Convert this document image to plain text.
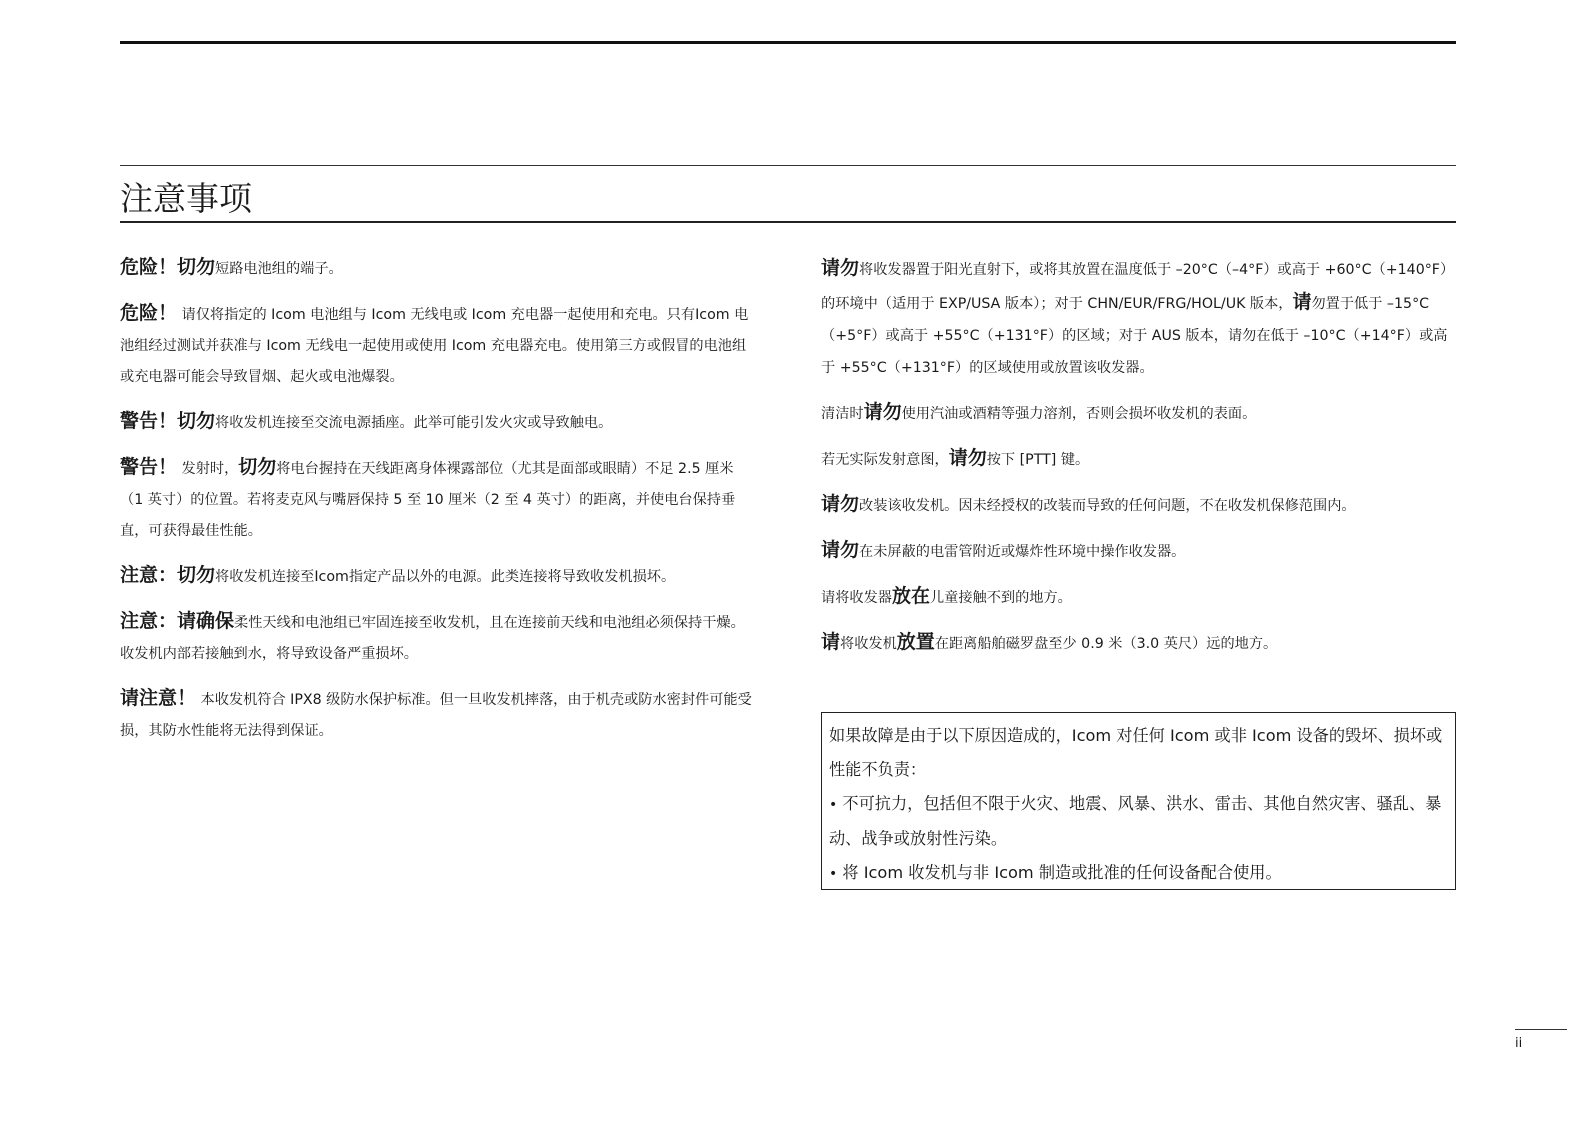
注意事项

危险！切勿短路电池组的端子。

危险！ 请仅将指定的 Icom 电池组与 Icom 无线电或 Icom 充电器一起使用和充电。只有Icom 电池组经过测试并获准与 Icom 无线电一起使用或使用 Icom 充电器充电。使用第三方或假冒的电池组或充电器可能会导致冒烟、起火或电池爆裂。

警告！切勿将收发机连接至交流电源插座。此举可能引发火灾或导致触电。

警告！ 发射时，切勿将电台握持在天线距离身体裸露部位（尤其是面部或眼睛）不足 2.5 厘米（1 英寸）的位置。若将麦克风与嘴唇保持 5 至 10 厘米（2 至 4 英寸）的距离，并使电台保持垂直，可获得最佳性能。

注意：切勿将收发机连接至Icom指定产品以外的电源。此类连接将导致收发机损坏。

注意：请确保柔性天线和电池组已牢固连接至收发机，且在连接前天线和电池组必须保持干燥。收发机内部若接触到水，将导致设备严重损坏。

请注意！ 本收发机符合 IPX8 级防水保护标准。但一旦收发机摔落，由于机壳或防水密封件可能受损，其防水性能将无法得到保证。

请勿将收发器置于阳光直射下，或将其放置在温度低于 –20°C（–4°F）或高于 +60°C（+140°F）的环境中（适用于 EXP/USA 版本）；对于 CHN/EUR/FRG/HOL/UK 版本，请勿置于低于 –15°C（+5°F）或高于 +55°C（+131°F）的区域；对于 AUS 版本，请勿在低于 –10°C（+14°F）或高于 +55°C（+131°F）的区域使用或放置该收发器。

清洁时请勿使用汽油或酒精等强力溶剂，否则会损坏收发机的表面。

若无实际发射意图，请勿按下 [PTT] 键。

请勿改装该收发机。因未经授权的改装而导致的任何问题，不在收发机保修范围内。

请勿在未屏蔽的电雷管附近或爆炸性环境中操作收发器。

请将收发器放在儿童接触不到的地方。

请将收发机放置在距离船舶磁罗盘至少 0.9 米（3.0 英尺）远的地方。

如果故障是由于以下原因造成的，Icom 对任何 Icom 或非 Icom 设备的毁坏、损坏或性能不负责：

• 不可抗力，包括但不限于火灾、地震、风暴、洪水、雷击、其他自然灾害、骚乱、暴动、战争或放射性污染。

• 将 Icom 收发机与非 Icom 制造或批准的任何设备配合使用。

ii
